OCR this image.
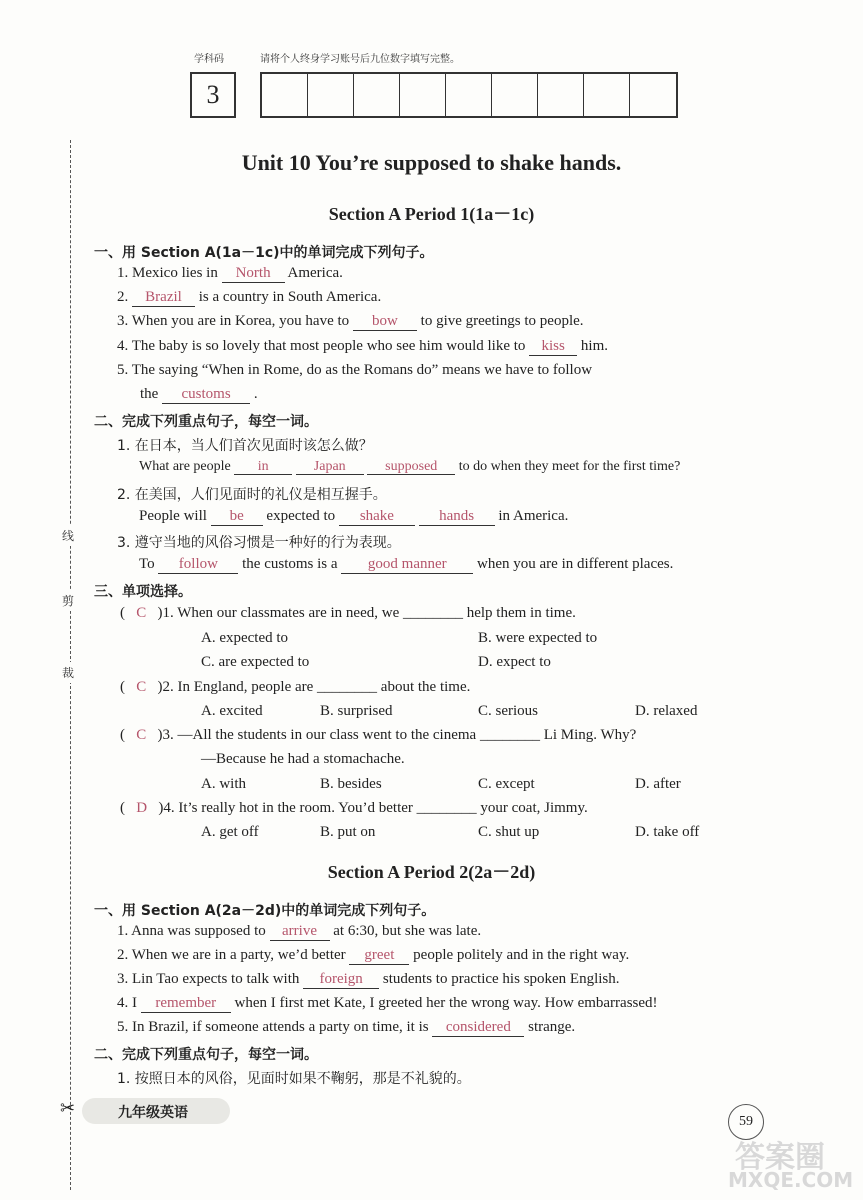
学科码	请将个人终身学习账号后九位数字填写完整。
3
线
剪
裁
✂
Unit 10 You’re supposed to shake hands.
Section A Period 1(1a－1c)
一、用 Section A(1a－1c)中的单词完成下列句子。
1. Mexico lies in North America.
2. Brazil is a country in South America.
3. When you are in Korea, you have to bow to give greetings to people.
4. The baby is so lovely that most people who see him would like to kiss him.
5. The saying “When in Rome, do as the Romans do” means we have to follow
the customs .
二、完成下列重点句子，每空一词。
1. 在日本，当人们首次见面时该怎么做？
What are people in	Japan	supposed to do when they meet for the first time?
2. 在美国，人们见面时的礼仪是相互握手。
People will be expected to shake	hands in America.
3. 遵守当地的风俗习惯是一种好的行为表现。
To follow the customs is a good manner when you are in different places.
三、单项选择。
(   C )1. When our classmates are in need, we ________ help them in time.
A. expected to	B. were expected to
C. are expected to	D. expect to
(   C )2. In England, people are ________ about the time.
A. excited	B. surprised	C. serious	D. relaxed
(   C )3. —All the students in our class went to the cinema ________ Li Ming. Why?
—Because he had a stomachache.
A. with	B. besides	C. except	D. after
(   D )4. It’s really hot in the room. You’d better ________ your coat, Jimmy.
A. get off	B. put on	C. shut up	D. take off
Section A Period 2(2a－2d)
一、用 Section A(2a－2d)中的单词完成下列句子。
1. Anna was supposed to arrive at 6:30, but she was late.
2. When we are in a party, we’d better greet people politely and in the right way.
3. Lin Tao expects to talk with foreign students to practice his spoken English.
4. I remember when I first met Kate, I greeted her the wrong way. How embarrassed!
5. In Brazil, if someone attends a party on time, it is considered strange.
二、完成下列重点句子，每空一词。
1. 按照日本的风俗，见面时如果不鞠躬，那是不礼貌的。
九年级英语
59
答案圈
MXQE.COM
